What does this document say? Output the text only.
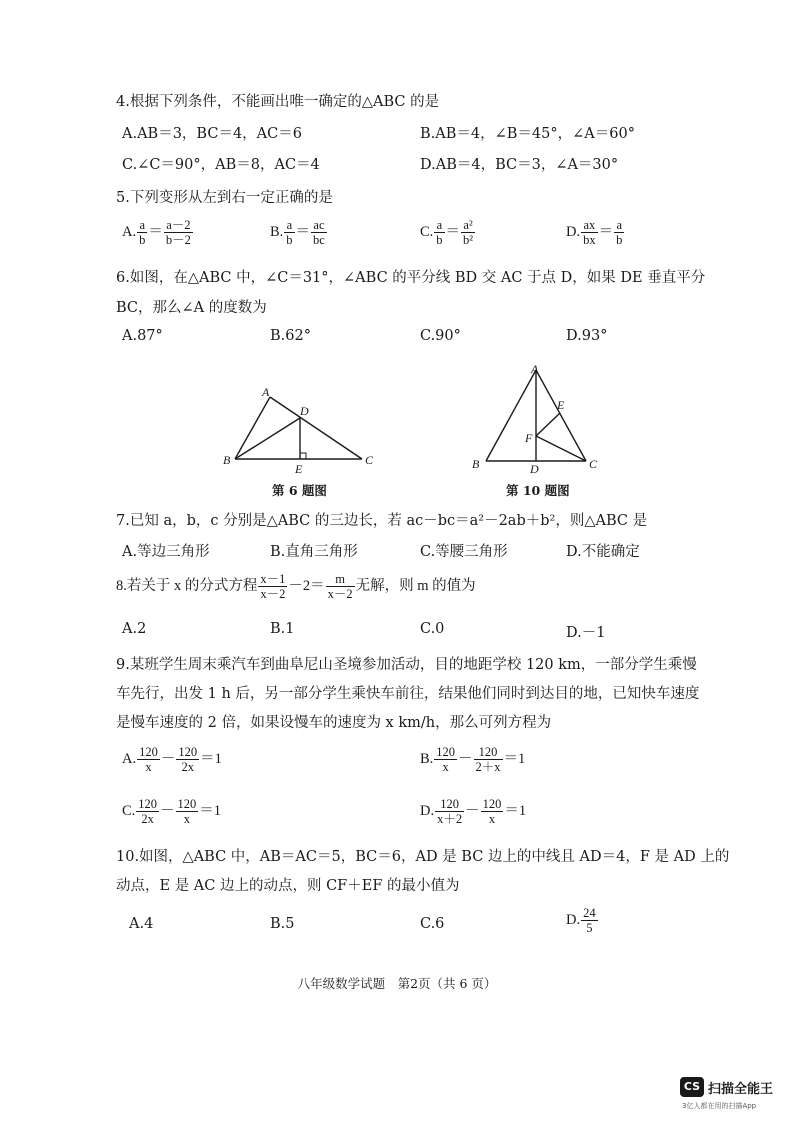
4.根据下列条件，不能画出唯一确定的△ABC 的是
A.AB＝3，BC＝4，AC＝6	B.AB＝4，∠B＝45°，∠A＝60°
C.∠C＝90°，AB＝8，AC＝4	D.AB＝4，BC＝3，∠A＝30°
5.下列变形从左到右一定正确的是
A. $\frac{a}{b} = \frac{a-2}{b-2}$	B. $\frac{a}{b} = \frac{ac}{bc}$	C. $\frac{a}{b} = \frac{\text{a²}}{\text{b²}}$	D. $\frac{ax}{bx} = \frac{a}{b}$
6.如图，在△ABC 中，∠C＝31°，∠ABC 的平分线 BD 交 AC 于点 D，如果 DE 垂直平分
BC，那么∠A 的度数为
A.87°	B.62°	C.90°	D.93°
A
D
B	C
E
第 6 题图
A
E
F
B	D	C
第 10 题图
7.已知 a，b，c 分别是△ABC 的三边长，若 ac－bc＝a²－2ab＋b²，则△ABC 是
A.等边三角形	B.直角三角形	C.等腰三角形	D.不能确定
8.若关于 x 的分式方程 $\frac{x-1}{x-2} -2= \frac{m}{x-2}$ 无解，则 m 的值为
A.2	B.1	C.0	D.－1
9.某班学生周末乘汽车到曲阜尼山圣境参加活动，目的地距学校 120 km，一部分学生乘慢
车先行，出发 1 h 后，另一部分学生乘快车前往，结果他们同时到达目的地，已知快车速度
是慢车速度的 2 倍，如果设慢车的速度为 x km/h，那么可列方程为
A. $\frac{120}{x} - \frac{120}{2x} =1$	B. $\frac{120}{x} - \frac{120}{2+x} =1$
C. $\frac{120}{2x} - \frac{120}{x} =1$	D. $\frac{120}{x+2} - \frac{120}{x} =1$
10.如图，△ABC 中，AB＝AC＝5，BC＝6，AD 是 BC 边上的中线且 AD＝4，F 是 AD 上的
动点，E 是 AC 边上的动点，则 CF＋EF 的最小值为
A.4	B.5	C.6	D. $\frac{24}{5}$
八年级数学试题　第2页（共 6 页）
CS 扫描全能王
3亿人都在用的扫描App
